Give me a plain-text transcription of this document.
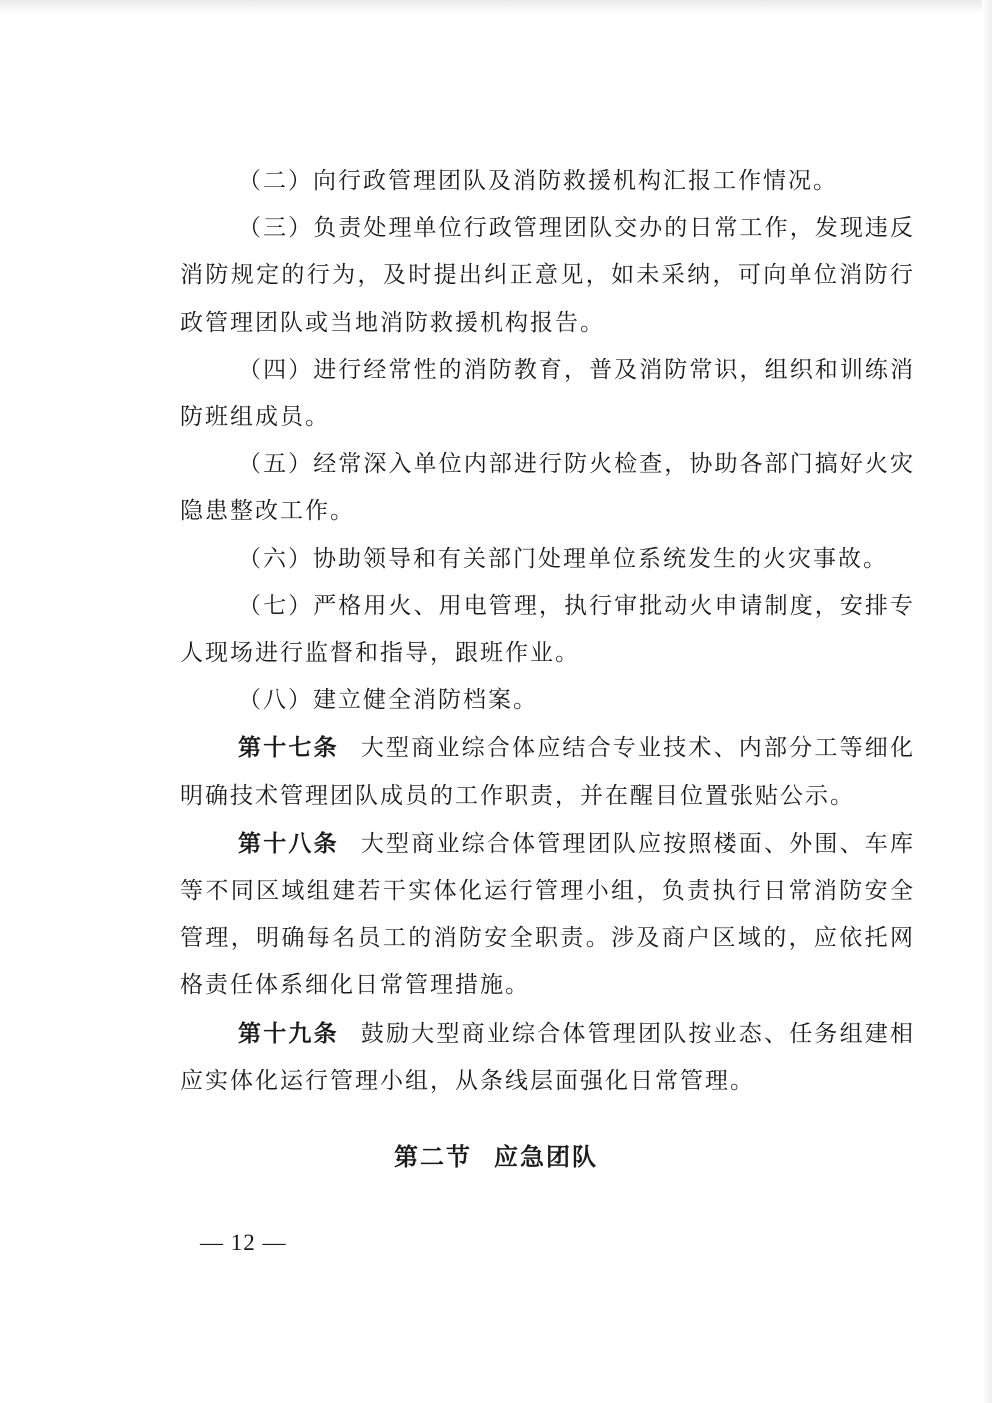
（二）向行政管理团队及消防救援机构汇报工作情况。

（三）负责处理单位行政管理团队交办的日常工作，发现违反消防规定的行为，及时提出纠正意见，如未采纳，可向单位消防行政管理团队或当地消防救援机构报告。

（四）进行经常性的消防教育，普及消防常识，组织和训练消防班组成员。

（五）经常深入单位内部进行防火检查，协助各部门搞好火灾隐患整改工作。

（六）协助领导和有关部门处理单位系统发生的火灾事故。

（七）严格用火、用电管理，执行审批动火申请制度，安排专人现场进行监督和指导，跟班作业。

（八）建立健全消防档案。

第十七条 大型商业综合体应结合专业技术、内部分工等细化明确技术管理团队成员的工作职责，并在醒目位置张贴公示。

第十八条 大型商业综合体管理团队应按照楼面、外围、车库等不同区域组建若干实体化运行管理小组，负责执行日常消防安全管理，明确每名员工的消防安全职责。涉及商户区域的，应依托网格责任体系细化日常管理措施。

第十九条 鼓励大型商业综合体管理团队按业态、任务组建相应实体化运行管理小组，从条线层面强化日常管理。

第二节 应急团队
— 12 —
